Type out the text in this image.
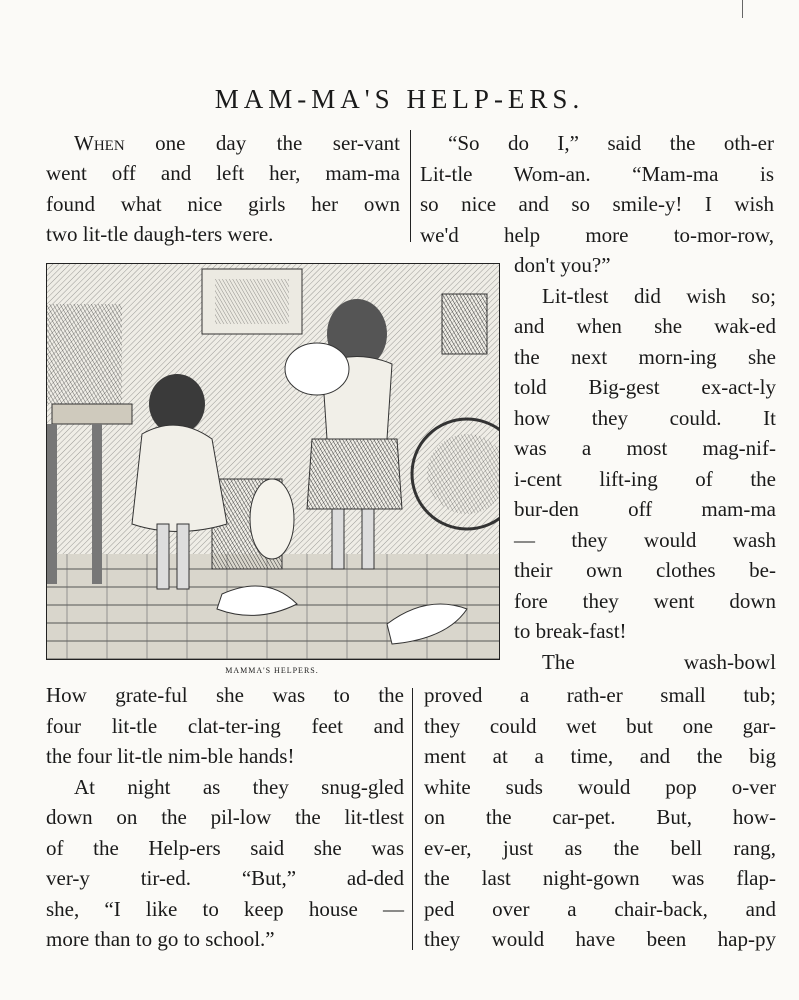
MAM-MA'S HELP-ERS.
When one day the ser-vant
went off and left her, mam-ma
found what nice girls her own
two lit-tle daugh-ters were.
“So do I,” said the oth-er
Lit-tle Wom-an. “Mam-ma is
so nice and so smile-y! I wish
we'd help more to-mor-row,
MAMMA'S HELPERS.
don't you?”
Lit-tlest did wish so;
and when she wak-ed
the next morn-ing she
told Big-gest ex-act-ly
how they could. It
was a most mag-nif-
i-cent lift-ing of the
bur-den off mam-ma
— they would wash
their own clothes be-
fore they went down
to break-fast!
The wash-bowl
How grate-ful she was to the
four lit-tle clat-ter-ing feet and
the four lit-tle nim-ble hands!
At night as they snug-gled
down on the pil-low the lit-tlest
of the Help-ers said she was
ver-y tir-ed. “But,” ad-ded
she, “I like to keep house —
more than to go to school.”
proved a rath-er small tub;
they could wet but one gar-
ment at a time, and the big
white suds would pop o-ver
on the car-pet. But, how-
ev-er, just as the bell rang,
the last night-gown was flap-
ped over a chair-back, and
they would have been hap-py
